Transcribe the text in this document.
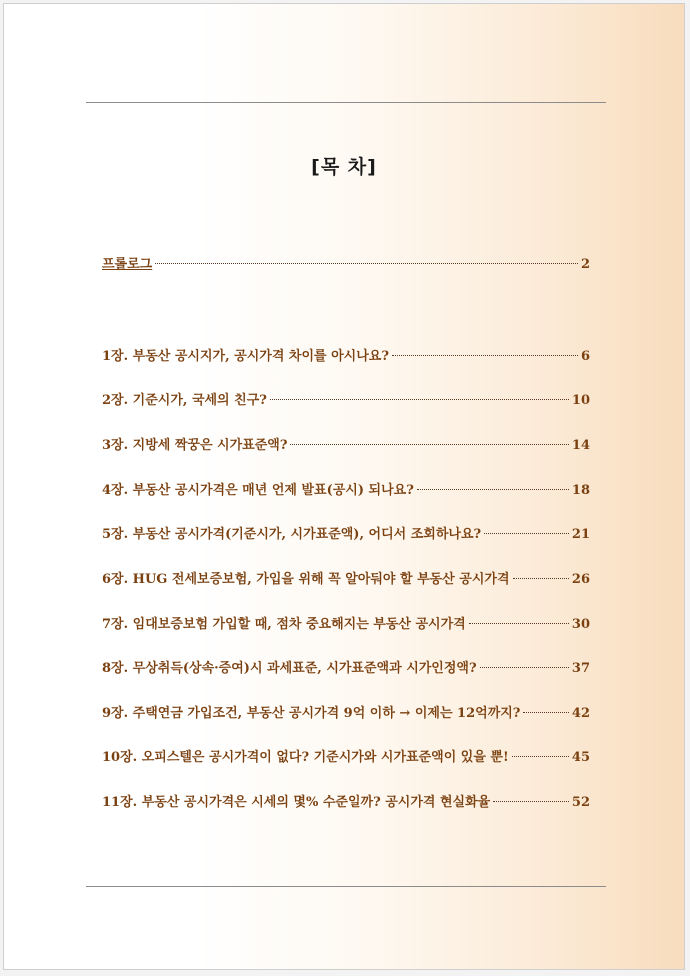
[목 차]
프롤로그	2
1장. 부동산 공시지가, 공시가격 차이를 아시나요?	6
2장. 기준시가, 국세의 친구?	10
3장. 지방세 짝꿍은 시가표준액?	14
4장. 부동산 공시가격은 매년 언제 발표(공시) 되나요?	18
5장. 부동산 공시가격(기준시가, 시가표준액), 어디서 조회하나요?	21
6장. HUG 전세보증보험, 가입을 위해 꼭 알아둬야 할 부동산 공시가격	26
7장. 임대보증보험 가입할 때, 점차 중요해지는 부동산 공시가격	30
8장. 무상취득(상속·증여)시 과세표준, 시가표준액과 시가인정액?	37
9장. 주택연금 가입조건, 부동산 공시가격 9억 이하 → 이제는 12억까지?	42
10장. 오피스텔은 공시가격이 없다? 기준시가와 시가표준액이 있을 뿐!	45
11장. 부동산 공시가격은 시세의 몇% 수준일까? 공시가격 현실화율	52
